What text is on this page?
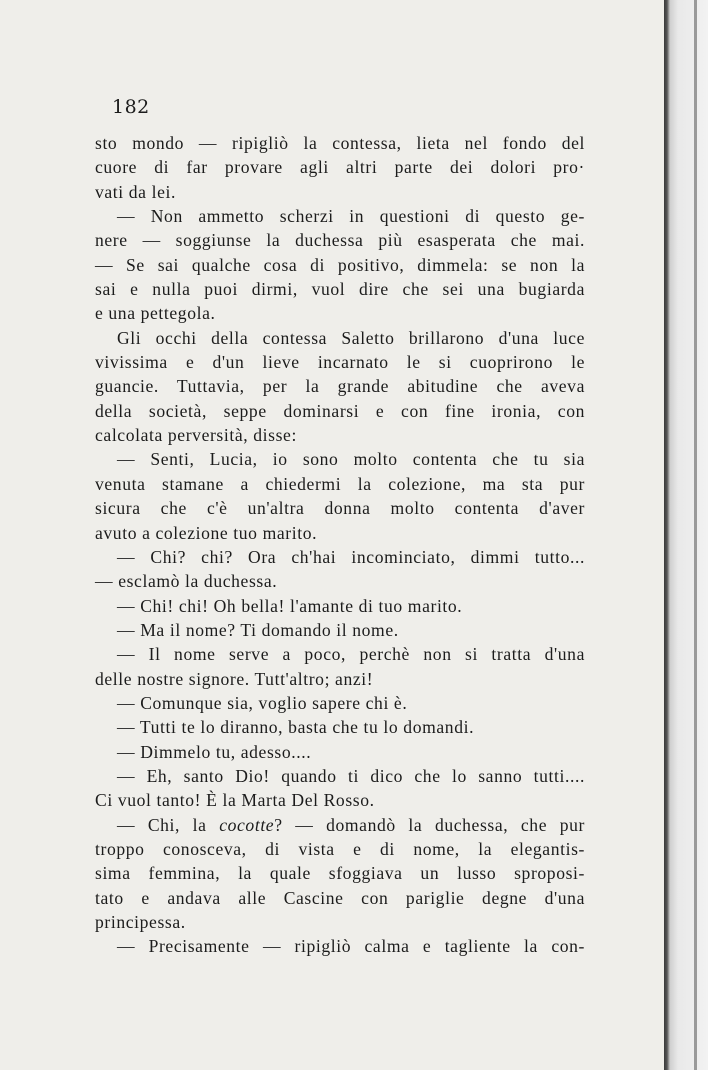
182
sto mondo — ripigliò la contessa, lieta nel fondo del
cuore di far provare agli altri parte dei dolori pro·
vati da lei.
— Non ammetto scherzi in questioni di questo ge-
nere — soggiunse la duchessa più esasperata che mai.
— Se sai qualche cosa di positivo, dimmela: se non la
sai e nulla puoi dirmi, vuol dire che sei una bugiarda
e una pettegola.
Gli occhi della contessa Saletto brillarono d'una luce
vivissima e d'un lieve incarnato le si cuoprirono le
guancie. Tuttavia, per la grande abitudine che aveva
della società, seppe dominarsi e con fine ironia, con
calcolata perversità, disse:
— Senti, Lucia, io sono molto contenta che tu sia
venuta stamane a chiedermi la colezione, ma sta pur
sicura che c'è un'altra donna molto contenta d'aver
avuto a colezione tuo marito.
— Chi? chi? Ora ch'hai incominciato, dimmi tutto...
— esclamò la duchessa.
— Chi! chi! Oh bella! l'amante di tuo marito.
— Ma il nome? Ti domando il nome.
— Il nome serve a poco, perchè non si tratta d'una
delle nostre signore. Tutt'altro; anzi!
— Comunque sia, voglio sapere chi è.
— Tutti te lo diranno, basta che tu lo domandi.
— Dimmelo tu, adesso....
— Eh, santo Dio! quando ti dico che lo sanno tutti....
Ci vuol tanto! È la Marta Del Rosso.
— Chi, la cocotte? — domandò la duchessa, che pur
troppo conosceva, di vista e di nome, la elegantis-
sima femmina, la quale sfoggiava un lusso sproposi-
tato e andava alle Cascine con pariglie degne d'una
principessa.
— Precisamente — ripigliò calma e tagliente la con-
